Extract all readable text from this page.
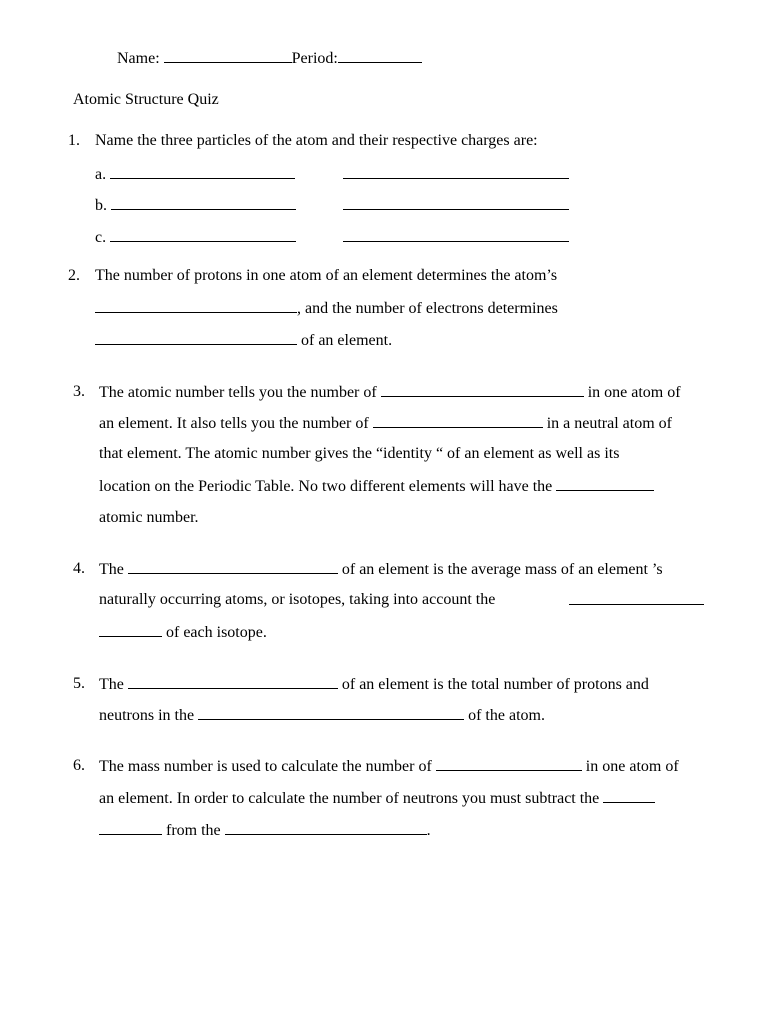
Name:	Period:
Atomic Structure Quiz
1. Name the three particles of the atom and their respective charges are:
a.
b.
c.
2. The number of protons in one atom of an element determines the atom’s
, and the number of electrons determines
of an element.
3. The atomic number tells you the number of	in one atom of
an element. It also tells you the number of	in a neutral atom of
that element. The atomic number gives the “identity “ of an element as well as its
location on the Periodic Table. No two different elements will have the
atomic number.
4. The	of an element is the average mass of an element ’s
naturally occurring atoms, or isotopes, taking into account the
of each isotope.
5. The	of an element is the total number of protons and
neutrons in the	of the atom.
6. The mass number is used to calculate the number of	in one atom of
an element. In order to calculate the number of neutrons you must subtract the
from the	.
